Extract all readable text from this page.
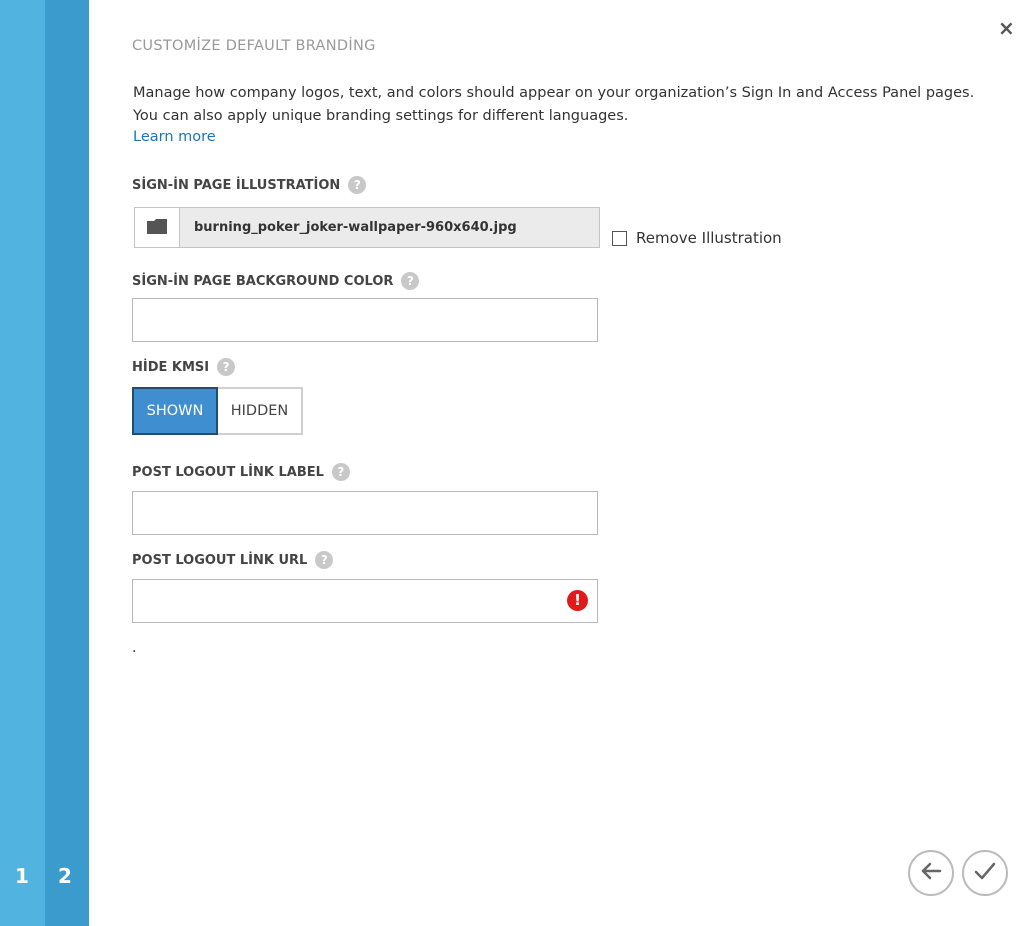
1 2
×
CUSTOMİZE DEFAULT BRANDİNG
Manage how company logos, text, and colors should appear on your organization’s Sign In and Access Panel pages. You can also apply unique branding settings for different languages.
Learn more
SİGN-İN PAGE İLLUSTRATİON	?
burning_poker_joker-wallpaper-960x640.jpg
Remove Illustration
SİGN-İN PAGE BACKGROUND COLOR	?
HİDE KMSI	?
SHOWN	HIDDEN
POST LOGOUT LİNK LABEL	?
POST LOGOUT LİNK URL	?
!
.
